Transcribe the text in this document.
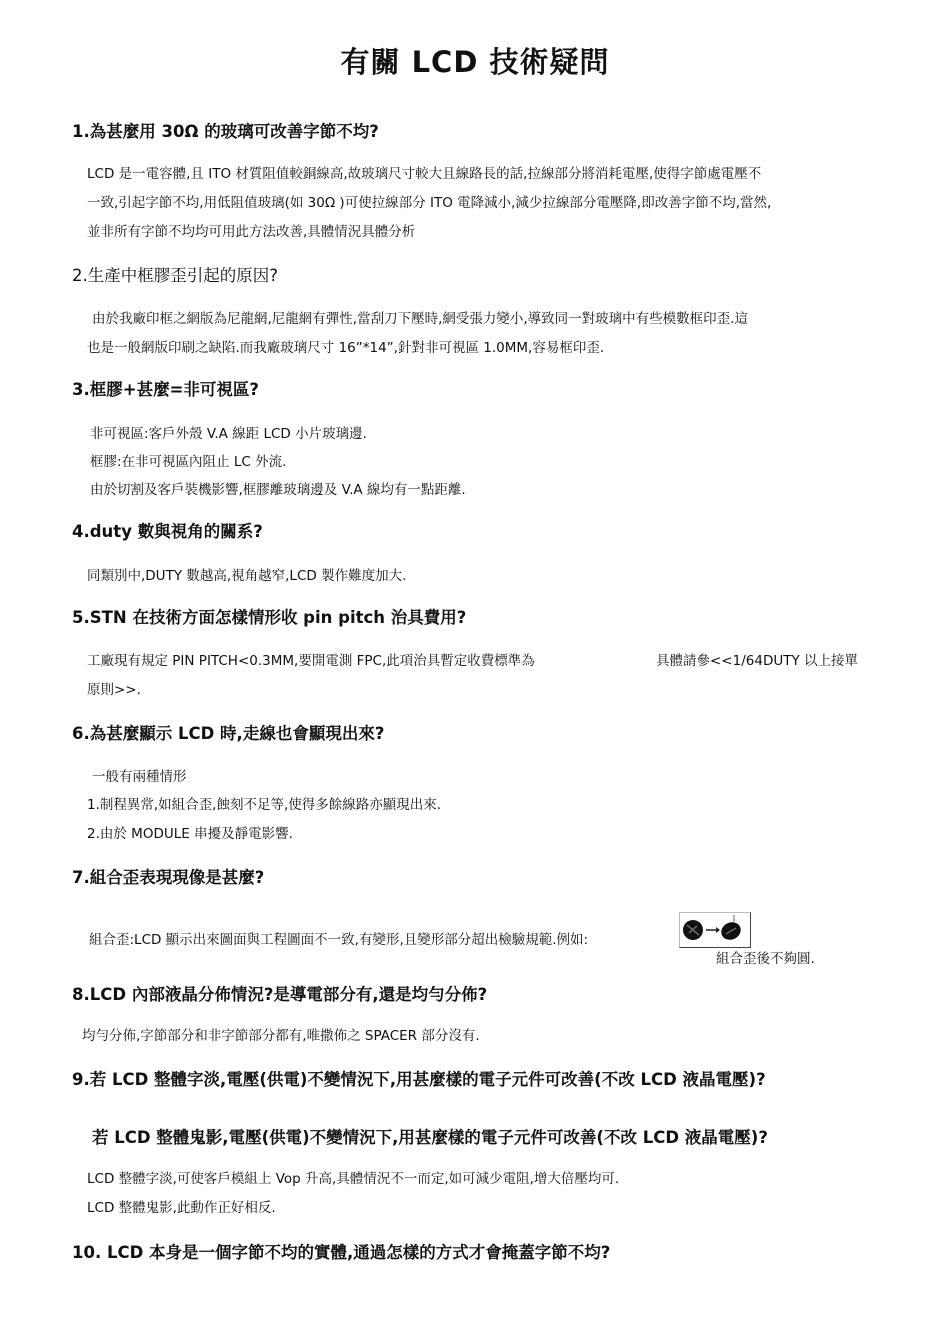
有關 LCD 技術疑問
1.為甚麼用 30Ω 的玻璃可改善字節不均?
LCD 是一電容體,且 ITO 材質阻值較銅線高,故玻璃尺寸較大且線路長的話,拉線部分將消耗電壓,使得字節處電壓不
一致,引起字節不均,用低阻值玻璃(如 30Ω )可使拉線部分 ITO 電降減小,減少拉線部分電壓降,即改善字節不均,當然,
並非所有字節不均均可用此方法改善,具體情況具體分析
2.生產中框膠歪引起的原因?
由於我廠印框之網版為尼龍網,尼龍網有彈性,當刮刀下壓時,網受張力變小,導致同一對玻璃中有些模數框印歪.這
也是一般網版印刷之缺陷.而我廠玻璃尺寸 16”*14”,針對非可視區 1.0MM,容易框印歪.
3.框膠+甚麼=非可視區?
非可視區:客戶外殼 V.A 線距 LCD 小片玻璃邊.
框膠:在非可視區內阻止 LC 外流.
由於切割及客戶裝機影響,框膠離玻璃邊及 V.A 線均有一點距離.
4.duty 數與視角的關系?
同類別中,DUTY 數越高,視角越窄,LCD 製作難度加大.
5.STN 在技術方面怎樣情形收 pin pitch 治具費用?
工廠現有規定 PIN PITCH<0.3MM,要開電測 FPC,此項治具暫定收費標準為	具體請參<<1/64DUTY 以上接單
原則>>.
6.為甚麼顯示 LCD 時,走線也會顯現出來?
一般有兩種情形
1.制程異常,如組合歪,蝕刻不足等,使得多餘線路亦顯現出來.
2.由於 MODULE 串擾及靜電影響.
7.組合歪表現現像是甚麼?
組合歪:LCD 顯示出來圖面與工程圖面不一致,有變形,且變形部分超出檢驗規範.例如:
組合歪後不夠圓.
8.LCD 內部液晶分佈情況?是導電部分有,還是均勻分佈?
均勻分佈,字節部分和非字節部分都有,唯撒佈之 SPACER 部分沒有.
9.若 LCD 整體字淡,電壓(供電)不變情況下,用甚麼樣的電子元件可改善(不改 LCD 液晶電壓)?
若 LCD 整體鬼影,電壓(供電)不變情況下,用甚麼樣的電子元件可改善(不改 LCD 液晶電壓)?
LCD 整體字淡,可使客戶模組上 Vop 升高,具體情況不一而定,如可減少電阻,增大倍壓均可.
LCD 整體鬼影,此動作正好相反.
10. LCD 本身是一個字節不均的實體,通過怎樣的方式才會掩蓋字節不均?
